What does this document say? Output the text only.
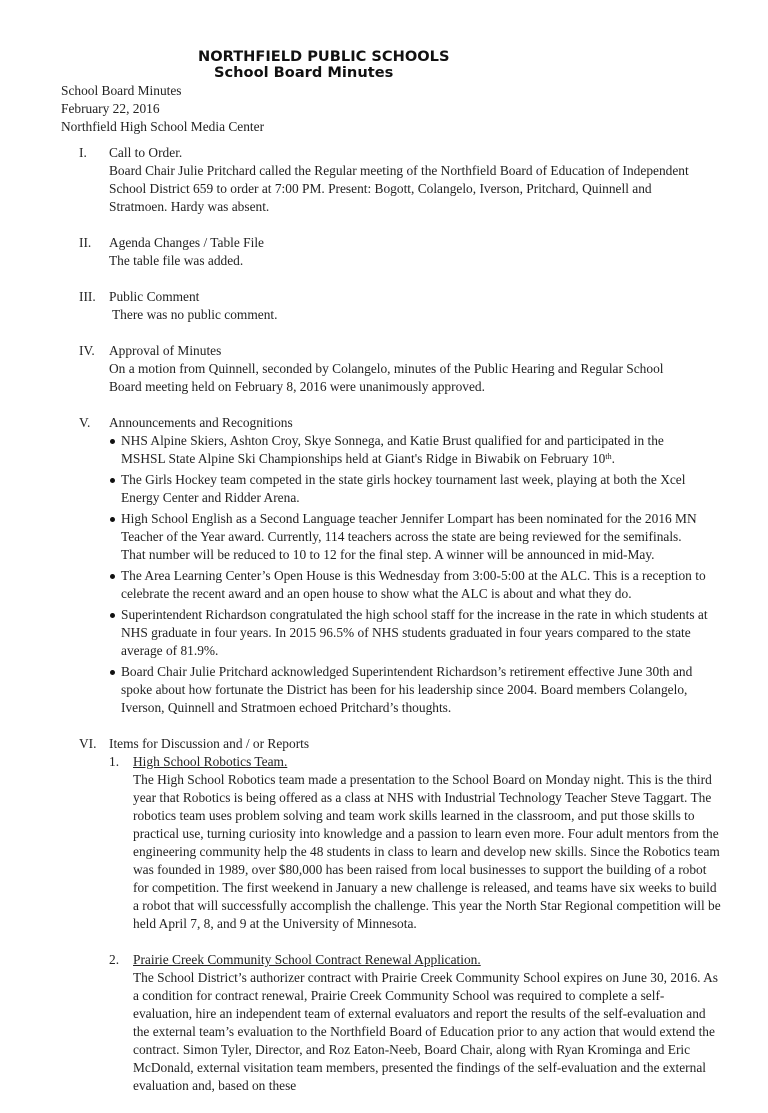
NORTHFIELD PUBLIC SCHOOLS
School Board Minutes
School Board Minutes
February 22, 2016
Northfield High School Media Center
I.	Call to Order.
Board Chair Julie Pritchard called the Regular meeting of the Northfield Board of Education of Independent School District 659 to order at 7:00 PM. Present: Bogott, Colangelo, Iverson, Pritchard, Quinnell and Stratmoen. Hardy was absent.
II.	Agenda Changes / Table File
The table file was added.
III. Public Comment
There was no public comment.
IV.	Approval of Minutes
On a motion from Quinnell, seconded by Colangelo, minutes of the Public Hearing and Regular School Board meeting held on February 8, 2016 were unanimously approved.
V.	Announcements and Recognitions
NHS Alpine Skiers, Ashton Croy, Skye Sonnega, and Katie Brust qualified for and participated in the MSHSL State Alpine Ski Championships held at Giant's Ridge in Biwabik on February 10th.
The Girls Hockey team competed in the state girls hockey tournament last week, playing at both the Xcel Energy Center and Ridder Arena.
High School English as a Second Language teacher Jennifer Lompart has been nominated for the 2016 MN Teacher of the Year award. Currently, 114 teachers across the state are being reviewed for the semifinals. That number will be reduced to 10 to 12 for the final step. A winner will be announced in mid-May.
The Area Learning Center’s Open House is this Wednesday from 3:00-5:00 at the ALC. This is a reception to celebrate the recent award and an open house to show what the ALC is about and what they do.
Superintendent Richardson congratulated the high school staff for the increase in the rate in which students at NHS graduate in four years. In 2015 96.5% of NHS students graduated in four years compared to the state average of 81.9%.
Board Chair Julie Pritchard acknowledged Superintendent Richardson’s retirement effective June 30th and spoke about how fortunate the District has been for his leadership since 2004. Board members Colangelo, Iverson, Quinnell and Stratmoen echoed Pritchard’s thoughts.
VI. Items for Discussion and / or Reports
1. High School Robotics Team.
The High School Robotics team made a presentation to the School Board on Monday night. This is the third year that Robotics is being offered as a class at NHS with Industrial Technology Teacher Steve Taggart. The robotics team uses problem solving and team work skills learned in the classroom, and put those skills to practical use, turning curiosity into knowledge and a passion to learn even more. Four adult mentors from the engineering community help the 48 students in class to learn and develop new skills. Since the Robotics team was founded in 1989, over $80,000 has been raised from local businesses to support the building of a robot for competition. The first weekend in January a new challenge is released, and teams have six weeks to build a robot that will successfully accomplish the challenge. This year the North Star Regional competition will be held April 7, 8, and 9 at the University of Minnesota.
2. Prairie Creek Community School Contract Renewal Application.
The School District’s authorizer contract with Prairie Creek Community School expires on June 30, 2016. As a condition for contract renewal, Prairie Creek Community School was required to complete a self-evaluation, hire an independent team of external evaluators and report the results of the self-evaluation and the external team’s evaluation to the Northfield Board of Education prior to any action that would extend the contract. Simon Tyler, Director, and Roz Eaton-Neeb, Board Chair, along with Ryan Krominga and Eric McDonald, external visitation team members, presented the findings of the self-evaluation and the external evaluation and, based on these
